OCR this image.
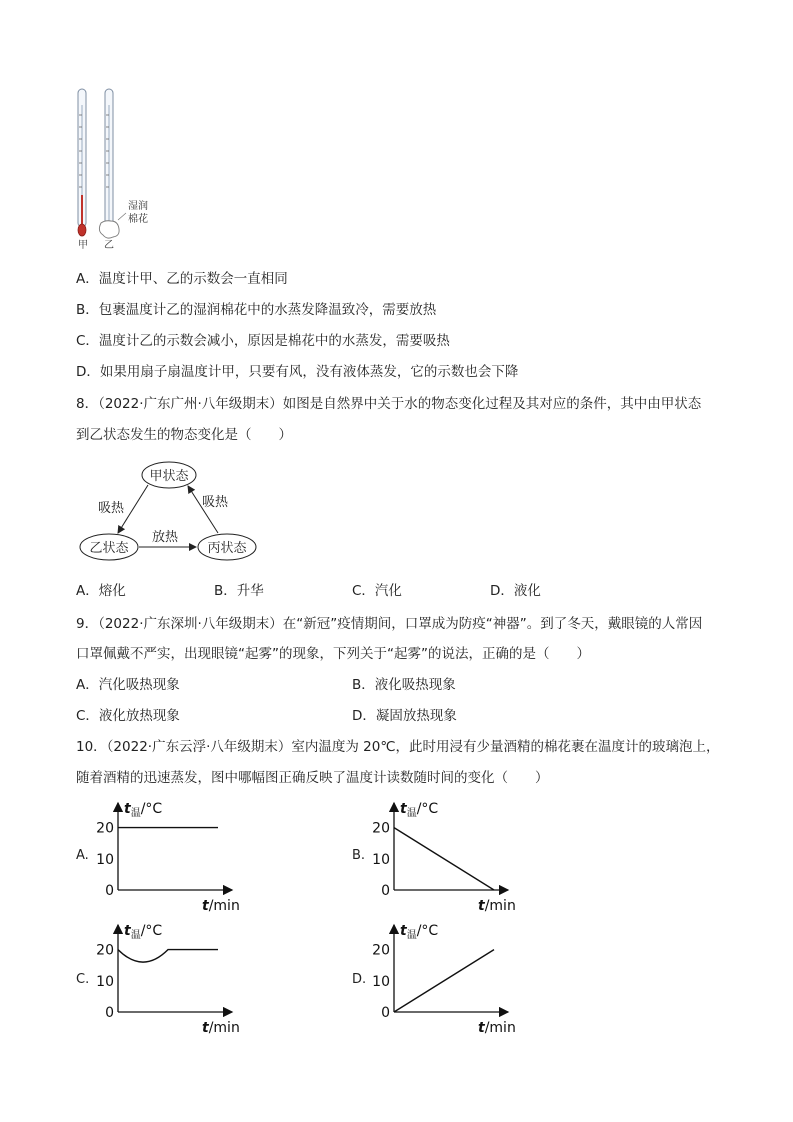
湿润
棉花
甲 乙
A．温度计甲、乙的示数会一直相同
B．包裹温度计乙的湿润棉花中的水蒸发降温致冷，需要放热
C．温度计乙的示数会减小，原因是棉花中的水蒸发，需要吸热
D．如果用扇子扇温度计甲，只要有风，没有液体蒸发，它的示数也会下降
8．（2022·广东广州·八年级期末）如图是自然界中关于水的物态变化过程及其对应的条件，其中由甲状态
到乙状态发生的物态变化是（　　）
甲状态
乙状态	丙状态
吸热	吸热
放热
A．熔化	B．升华	C．汽化	D．液化
9．（2022·广东深圳·八年级期末）在“新冠”疫情期间，口罩成为防疫“神器”。到了冬天，戴眼镜的人常因
口罩佩戴不严实，出现眼镜“起雾”的现象，下列关于“起雾”的说法，正确的是（　　）
A．汽化吸热现象	B．液化吸热现象
C．液化放热现象	D．凝固放热现象
10．（2022·广东云浮·八年级期末）室内温度为 20℃，此时用浸有少量酒精的棉花裹在温度计的玻璃泡上，
随着酒精的迅速蒸发，图中哪幅图正确反映了温度计读数随时间的变化（　　）
A.	B.
C.	D.
$t_温/^\circ C$
t/min
20
10
0
$t_温/^\circ C$
t/min
20
10
0
$t_温/^\circ C$
t/min
20
10
0
$t_温/^\circ C$
t/min
20
10
0
